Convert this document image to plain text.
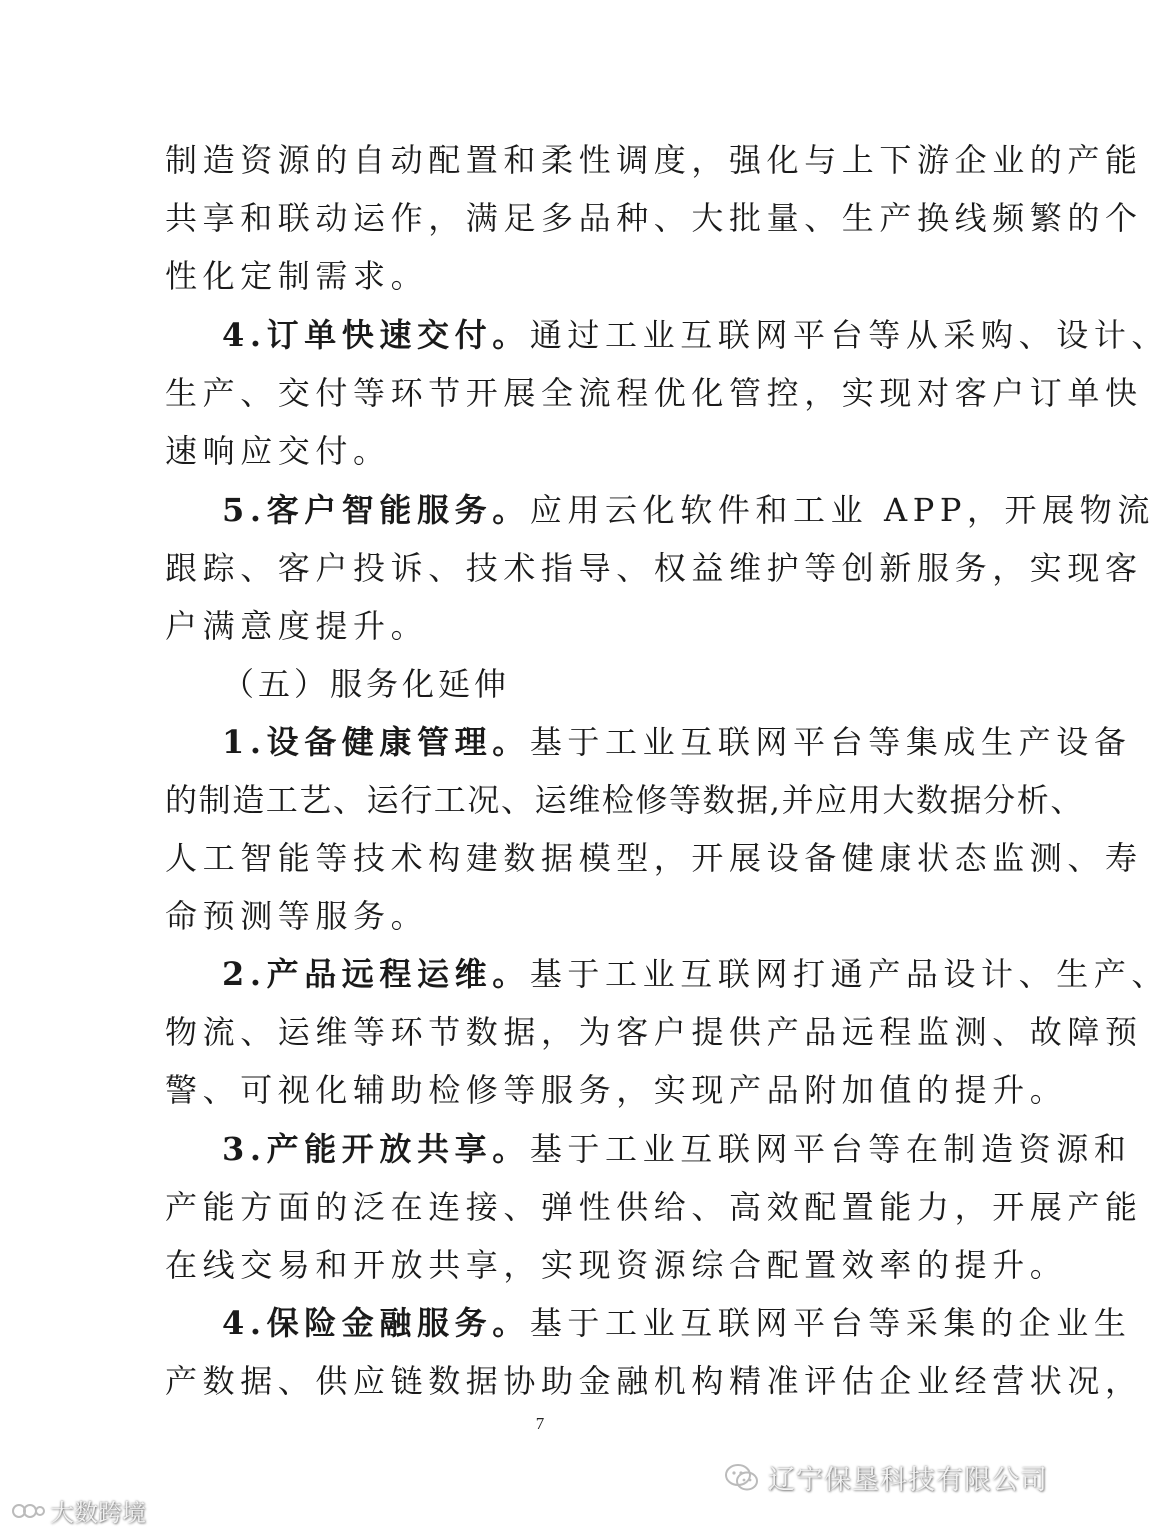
制造资源的自动配置和柔性调度，强化与上下游企业的产能
共享和联动运作，满足多品种、大批量、生产换线频繁的个
性化定制需求。
4.订单快速交付。通过工业互联网平台等从采购、设计、
生产、交付等环节开展全流程优化管控，实现对客户订单快
速响应交付。
5.客户智能服务。应用云化软件和工业 APP，开展物流
跟踪、客户投诉、技术指导、权益维护等创新服务，实现客
户满意度提升。
（五）服务化延伸
1.设备健康管理。基于工业互联网平台等集成生产设备
的制造工艺、运行工况、运维检修等数据,并应用大数据分析、
人工智能等技术构建数据模型，开展设备健康状态监测、寿
命预测等服务。
2.产品远程运维。基于工业互联网打通产品设计、生产、
物流、运维等环节数据，为客户提供产品远程监测、故障预
警、可视化辅助检修等服务，实现产品附加值的提升。
3.产能开放共享。基于工业互联网平台等在制造资源和
产能方面的泛在连接、弹性供给、高效配置能力，开展产能
在线交易和开放共享，实现资源综合配置效率的提升。
4.保险金融服务。基于工业互联网平台等采集的企业生
产数据、供应链数据协助金融机构精准评估企业经营状况，
7
辽宁保垦科技有限公司
大数跨境
